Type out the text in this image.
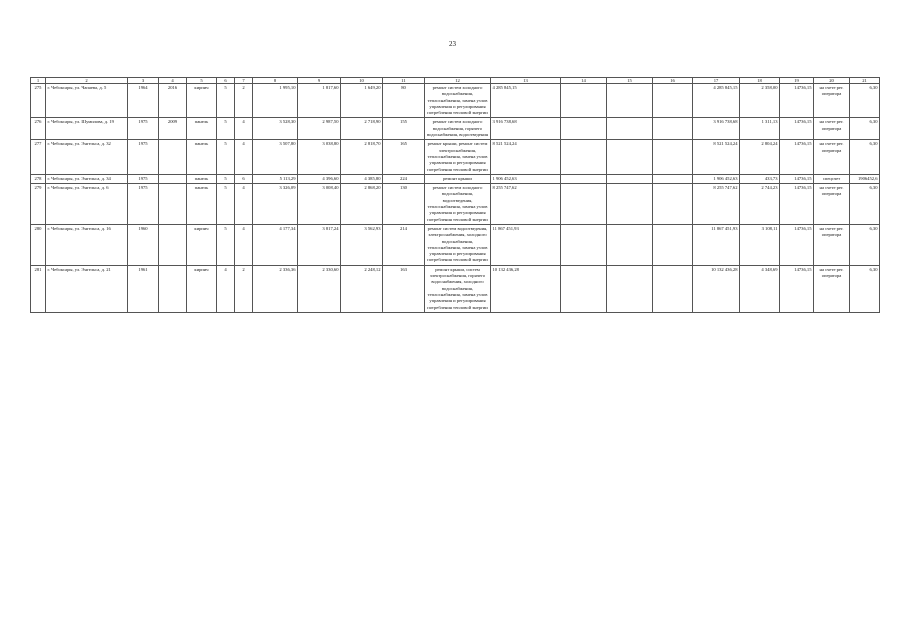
23
1	2	3	4	5	6	7	8	9	10	11	12	13	14	15	16	17	18	19	20	21
275	г. Чебоксары, ул. Чапаева, д. 5	1964	2016	кирпич	5	2	1 995,10	1 817,60	1 649,20	80	ремонт систем холодного водоснабжения, теплоснабжения, замена узлов управления и регулирования потребления тепловой энергии	4 285 845,15				4 285 845,15	2 358,00	14736,15	на счете рег. оператора	6,30
276	г. Чебоксары, ул. Шумилова, д. 19	1975	2009	панель	5	4	3 528,30	2 987,50	2 718,90	155	ремонт систем холодного водоснабжения, горячего водоснабжения, водоотведения	3 916 738,68				3 916 738,68	1 311,13	14736,15	на счете рег. оператора	6,30
277	г. Чебоксары, ул. Энгельса, д. 32	1975		панель	5	4	3 507,80	3 038,80	2 818,70	165	ремонт крыши, ремонт систем электроснабжения, теплоснабжения, замена узлов управления и регулирования потребления тепловой энергии	8 521 524,24				8 521 524,24	2 804,24	14736,15	на счете рег. оператора	6,30
278	г. Чебоксары, ул. Энгельса, д. 34	1975		панель	5	6	5 113,29	4 396,60	4 385,80	224	ремонт крыши	1 906 452,63				1 906 452,63	433,73	14736,15	спецсчет	1906452,6
279	г. Чебоксары, ул. Энгельса, д. 6	1975		панель	5	4	3 326,09	3 008,40	2 868,20	130	ремонт систем холодного водоснабжения, водоотведения, теплоснабжения, замена узлов управления и регулирования потребления тепловой энергии	8 255 747,62				8 255 747,62	2 744,23	14736,15	на счете рег. оператора	6,30
280	г. Чебоксары, ул. Энгельса, д. 16	1960		кирпич	5	4	4 177,34	3 817,24	3 562,93	214	ремонт систем водоотведения, электроснабжения, холодного водоснабжения, теплоснабжения, замена узлов управления и регулирования потребления тепловой энергии	11 867 451,93				11 867 451,93	3 108,11	14736,15	на счете рег. оператора	6,30
281	г. Чебоксары, ул. Энгельса, д. 21	1961		кирпич	4	2	2 336,36	2 330,60	2 248,12	163	ремонт крыши, систем электроснабжения, горячего водоснабжения, холодного водоснабжения, теплоснабжения, замена узлов управления и регулирования потребления тепловой энергии	10 132 436,28				10 132 436,28	4 348,69	14736,15	на счете рег. оператора	6,30
